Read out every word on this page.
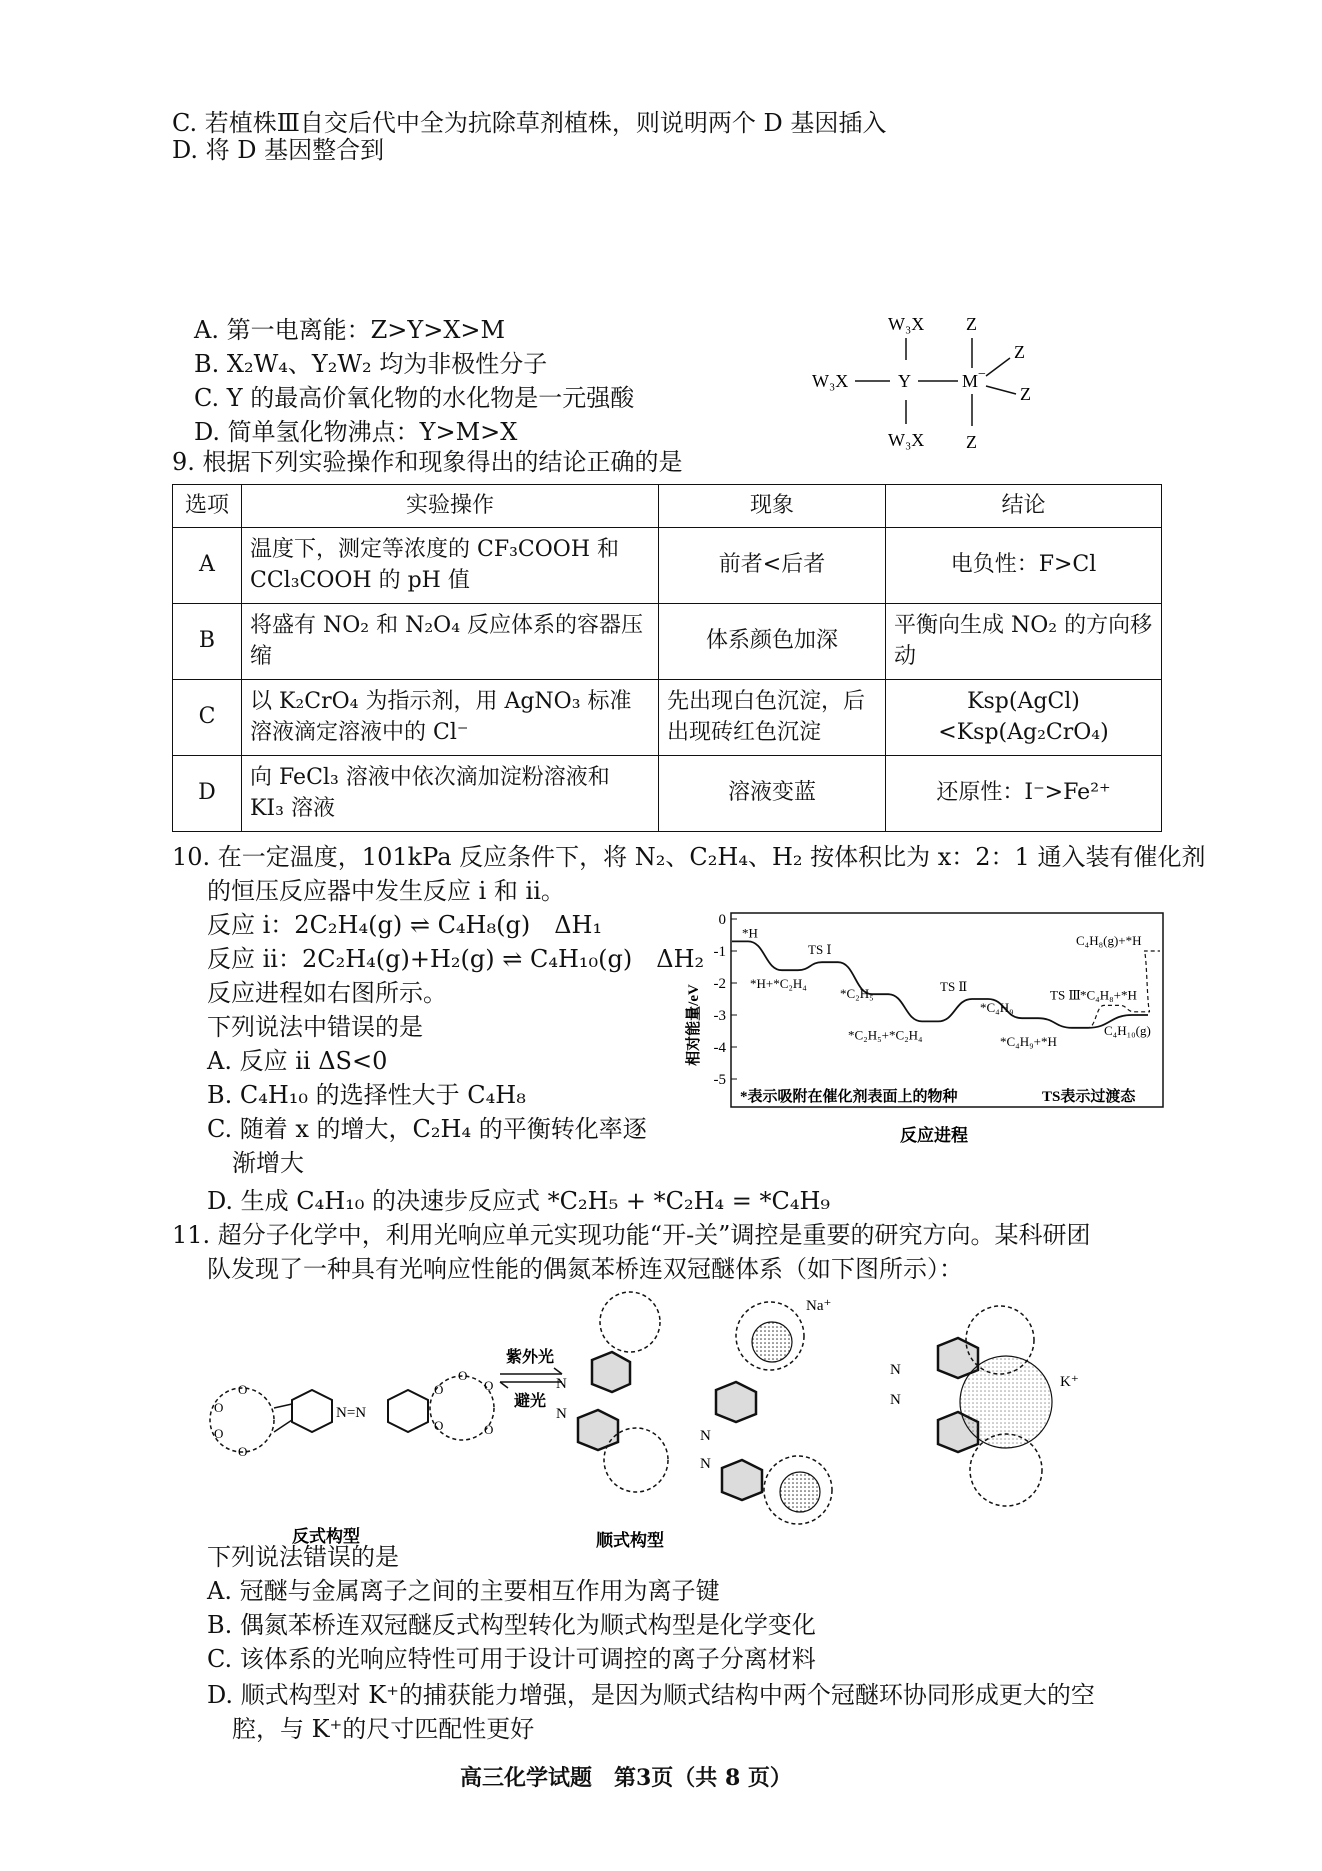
C. 若植株Ⅲ自交后代中全为抗除草剂植株，则说明两个 D 基因插入
D. 将 D 基因整合到
A. 第一电离能：Z>Y>X>M
B. X₂W₄、Y₂W₂ 均为非极性分子
C. Y 的最高价氧化物的水化物是一元强酸
D. 简单氢化物沸点：Y>M>X
W₃X
W₃X	Y	M −
W₃X
Z
Z
Z
Z
9. 根据下列实验操作和现象得出的结论正确的是
选项	实验操作	现象	结论
A	温度下，测定等浓度的 CF₃COOH 和 CCl₃COOH 的 pH 值	前者<后者	电负性：F>Cl
B	将盛有 NO₂ 和 N₂O₄ 反应体系的容器压缩	体系颜色加深	平衡向生成 NO₂ 的方向移动
C	以 K₂CrO₄ 为指示剂，用 AgNO₃ 标准溶液滴定溶液中的 Cl⁻	先出现白色沉淀，后出现砖红色沉淀	Ksp(AgCl)<Ksp(Ag₂CrO₄)
D	向 FeCl₃ 溶液中依次滴加淀粉溶液和 KI₃ 溶液	溶液变蓝	还原性：I⁻>Fe²⁺
10. 在一定温度，101kPa 反应条件下，将 N₂、C₂H₄、H₂ 按体积比为 x：2：1 通入装有催化剂
的恒压反应器中发生反应 i 和 ii。
反应 i：2C₂H₄(g) ⇌ C₄H₈(g)　ΔH₁
反应 ii：2C₂H₄(g)+H₂(g) ⇌ C₄H₁₀(g)　ΔH₂
反应进程如右图所示。
下列说法中错误的是
A. 反应 ii ΔS<0
B. C₄H₁₀ 的选择性大于 C₄H₈
C. 随着 x 的增大，C₂H₄ 的平衡转化率逐
渐增大
D. 生成 C₄H₁₀ 的决速步反应式 *C₂H₅ + *C₂H₄ = *C₄H₉
相对能量/eV
反应进程
0
-1
-2
-3
-4
-5
*H
*H+*C₂H₄
TS Ⅰ
*C₂H₅
*C₂H₅+*C₂H₄
TS Ⅱ
*C₄H₉
*C₄H₉+*H
TS Ⅲ *C₄H₈+*H
C₄H₈(g)+*H
C₄H₁₀(g)
*表示吸附在催化剂表面上的物种	TS表示过渡态
11. 超分子化学中，利用光响应单元实现功能“开-关”调控是重要的研究方向。某科研团
队发现了一种具有光响应性能的偶氮苯桥连双冠醚体系（如下图所示）：
O
O
O
O
N=N
O
O
O
O
O
反式构型
紫外光
避光
N
N
顺式构型
Na⁺
N
N
N
N
K⁺
下列说法错误的是
A. 冠醚与金属离子之间的主要相互作用为离子键
B. 偶氮苯桥连双冠醚反式构型转化为顺式构型是化学变化
C. 该体系的光响应特性可用于设计可调控的离子分离材料
D. 顺式构型对 K⁺的捕获能力增强，是因为顺式结构中两个冠醚环协同形成更大的空
腔，与 K⁺的尺寸匹配性更好
高三化学试题　第3页（共 8 页）
